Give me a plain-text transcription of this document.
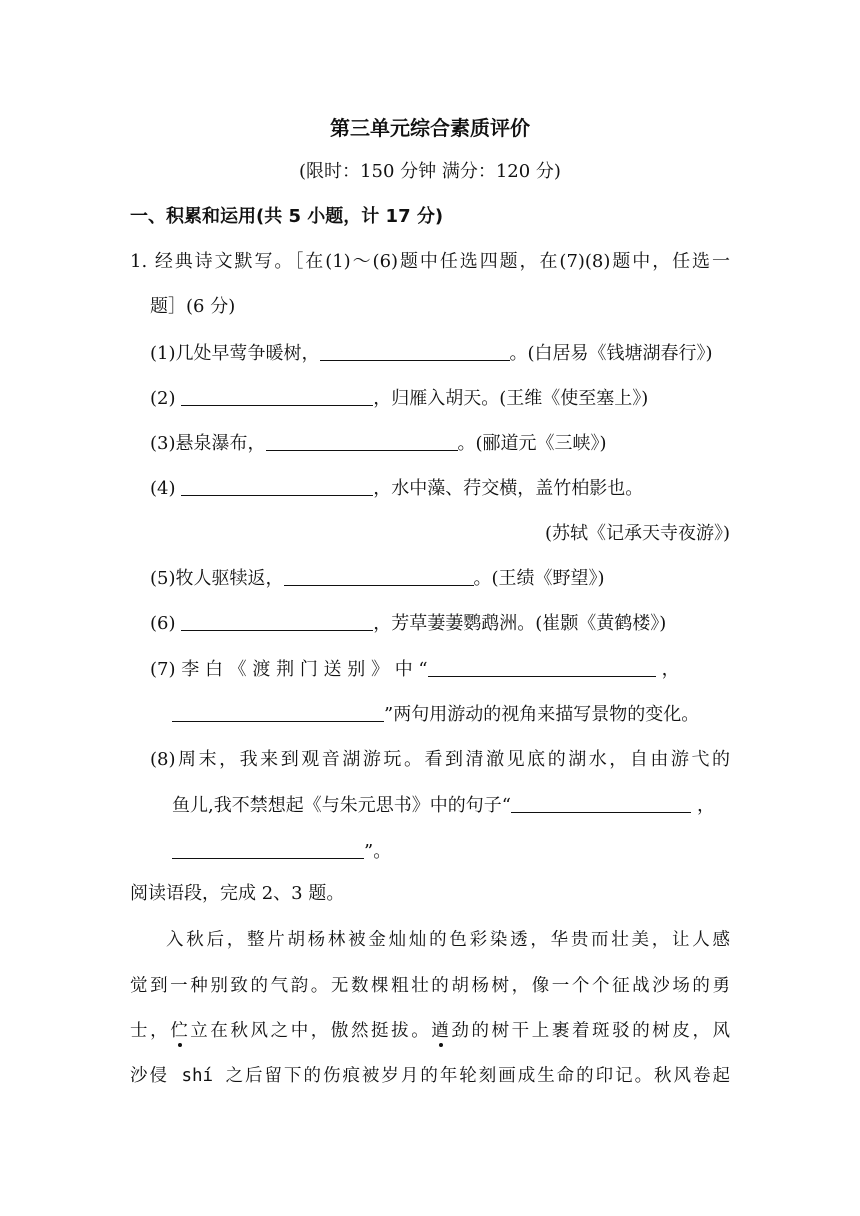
第三单元综合素质评价
(限时：150 分钟 满分：120 分)
一、积累和运用(共 5 小题，计 17 分)
1. 经典诗文默写。［在(1)～(6)题中任选四题，在(7)(8)题中，任选一
题］(6 分)
(1)几处早莺争暖树，	。(白居易《钱塘湖春行》)
(2)	，归雁入胡天。(王维《使至塞上》)
(3)悬泉瀑布，	。(郦道元《三峡》)
(4)	，水中藻、荇交横，盖竹柏影也。
(苏轼《记承天寺夜游》)
(5)牧人驱犊返，	。(王绩《野望》)
(6)	，芳草萋萋鹦鹉洲。(崔颢《黄鹤楼》)
(7) 李 白 《 渡 荆 门 送 别 》 中 “	，
”两句用游动的视角来描写景物的变化。
(8)周末，我来到观音湖游玩。看到清澈见底的湖水，自由游弋的
鱼儿,我不禁想起《与朱元思书》中的句子“	，
”。
阅读语段，完成 2、3 题。
入秋后，整片胡杨林被金灿灿的色彩染透，华贵而壮美，让人感
觉到一种别致的气韵。无数棵粗壮的胡杨树，像一个个征战沙场的勇
士，伫立在秋风之中，傲然挺拔。遒劲的树干上裹着斑驳的树皮，风
沙侵 shí 之后留下的伤痕被岁月的年轮刻画成生命的印记。秋风卷起
